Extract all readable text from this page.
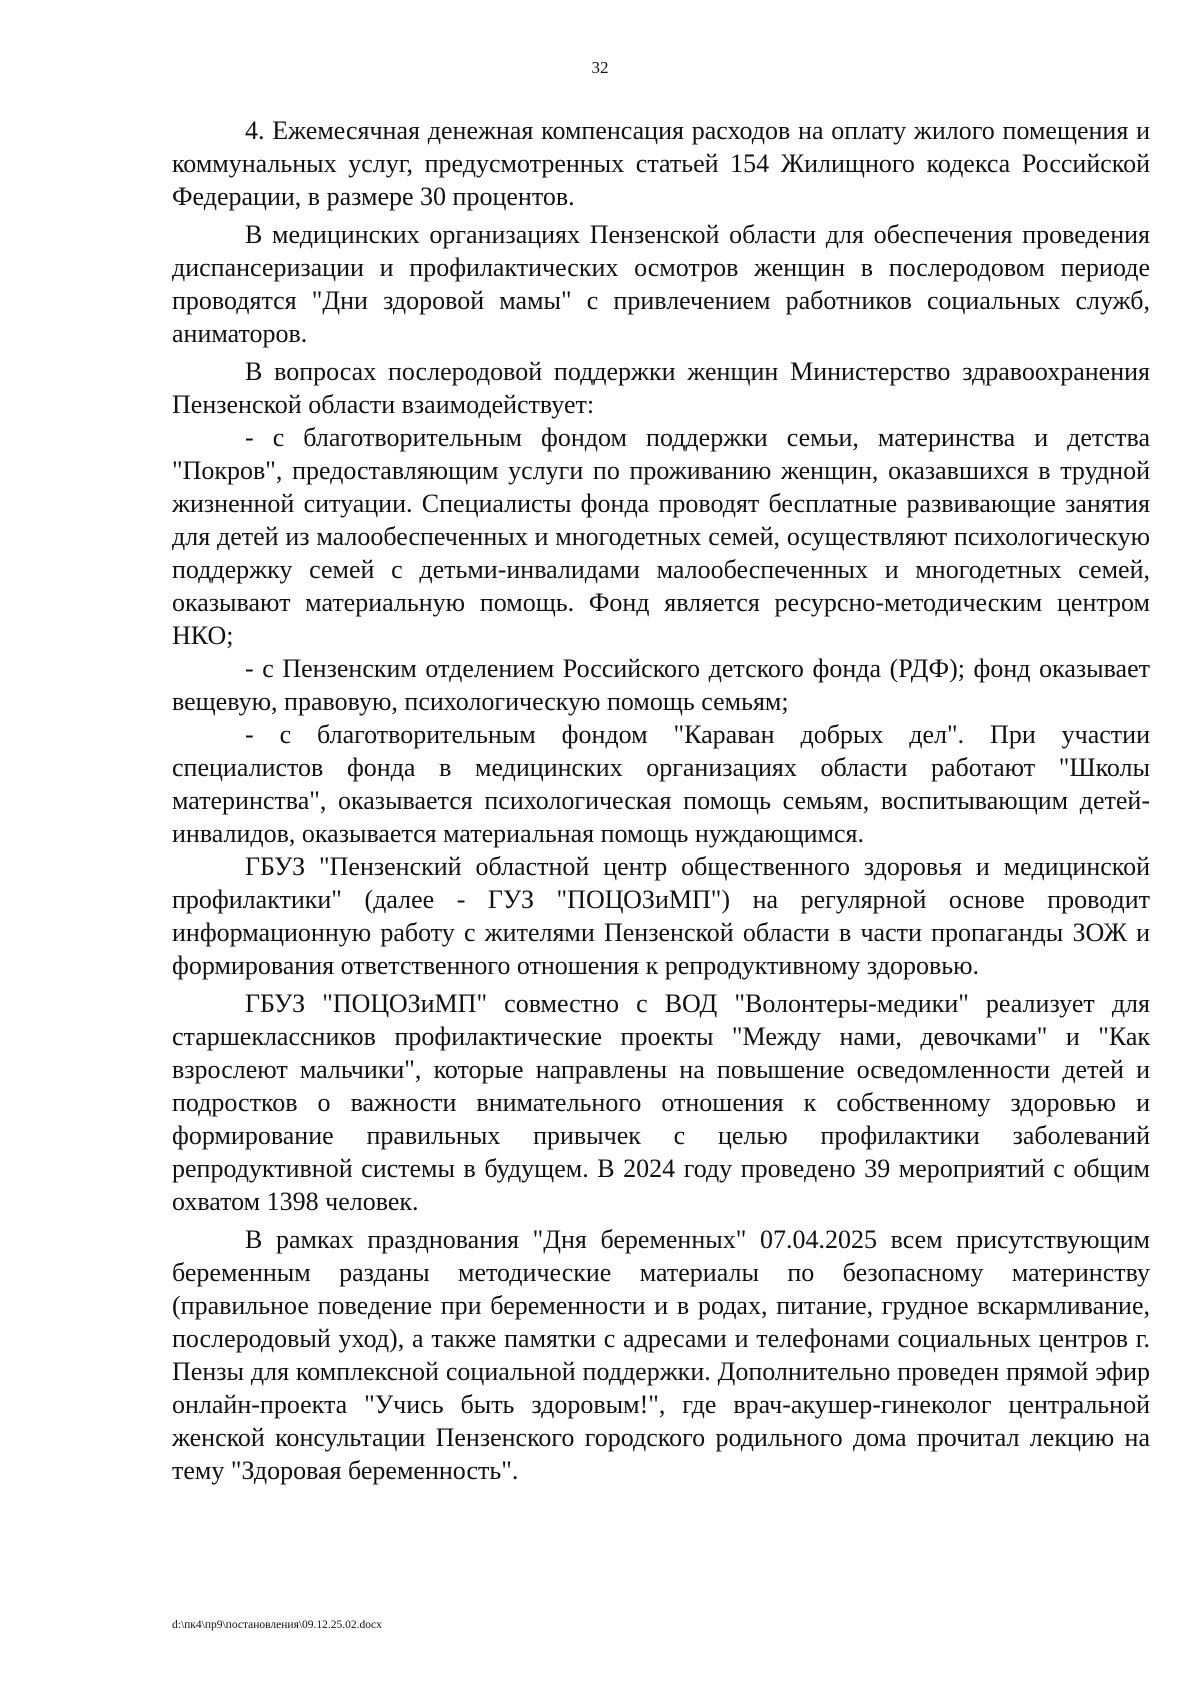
32

4. Ежемесячная денежная компенсация расходов на оплату жилого помещения и коммунальных услуг, предусмотренных статьей 154 Жилищного кодекса Российской Федерации, в размере 30 процентов.

В медицинских организациях Пензенской области для обеспечения проведения диспансеризации и профилактических осмотров женщин в послеродовом периоде проводятся "Дни здоровой мамы" с привлечением работников социальных служб, аниматоров.

В вопросах послеродовой поддержки женщин Министерство здравоохранения Пензенской области взаимодействует:

- с благотворительным фондом поддержки семьи, материнства и детства "Покров", предоставляющим услуги по проживанию женщин, оказавшихся в трудной жизненной ситуации. Специалисты фонда проводят бесплатные развивающие занятия для детей из малообеспеченных и многодетных семей, осуществляют психологическую поддержку семей с детьми-инвалидами малообеспеченных и многодетных семей, оказывают материальную помощь. Фонд является ресурсно-методическим центром НКО;

- с Пензенским отделением Российского детского фонда (РДФ); фонд оказывает вещевую, правовую, психологическую помощь семьям;

- с благотворительным фондом "Караван добрых дел". При участии специалистов фонда в медицинских организациях области работают "Школы материнства", оказывается психологическая помощь семьям, воспитывающим детей-инвалидов, оказывается материальная помощь нуждающимся.

ГБУЗ "Пензенский областной центр общественного здоровья и медицинской профилактики" (далее - ГУЗ "ПОЦОЗиМП") на регулярной основе проводит информационную работу с жителями Пензенской области в части пропаганды ЗОЖ и формирования ответственного отношения к репродуктивному здоровью.

ГБУЗ "ПОЦОЗиМП" совместно с ВОД "Волонтеры-медики" реализует для старшеклассников профилактические проекты "Между нами, девочками" и "Как взрослеют мальчики", которые направлены на повышение осведомленности детей и подростков о важности внимательного отношения к собственному здоровью и формирование правильных привычек с целью профилактики заболеваний репродуктивной системы в будущем. В 2024 году проведено 39 мероприятий с общим охватом 1398 человек.

В рамках празднования "Дня беременных" 07.04.2025 всем присутствующим беременным разданы методические материалы по безопасному материнству (правильное поведение при беременности и в родах, питание, грудное вскармливание, послеродовый уход), а также памятки с адресами и телефонами социальных центров г. Пензы для комплексной социальной поддержки. Дополнительно проведен прямой эфир онлайн-проекта "Учись быть здоровым!", где врач-акушер-гинеколог центральной женской консультации Пензенского городского родильного дома прочитал лекцию на тему "Здоровая беременность".

d:\пк4\пр9\постановления\09.12.25.02.docx
